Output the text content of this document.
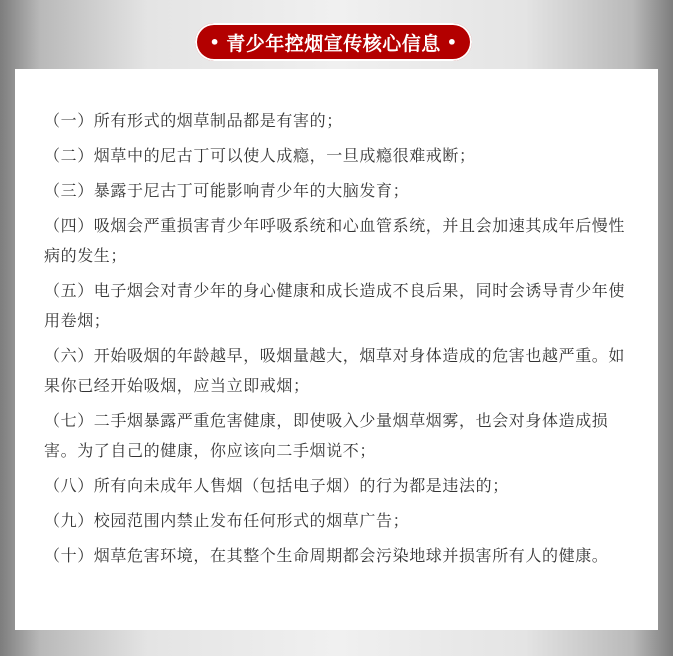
• 青少年控烟宣传核心信息 •

（一）所有形式的烟草制品都是有害的；

（二）烟草中的尼古丁可以使人成瘾，一旦成瘾很难戒断；

（三）暴露于尼古丁可能影响青少年的大脑发育；

（四）吸烟会严重损害青少年呼吸系统和心血管系统，并且会加速其成年后慢性病的发生；

（五）电子烟会对青少年的身心健康和成长造成不良后果，同时会诱导青少年使用卷烟；

（六）开始吸烟的年龄越早，吸烟量越大，烟草对身体造成的危害也越严重。如果你已经开始吸烟，应当立即戒烟；

（七）二手烟暴露严重危害健康，即使吸入少量烟草烟雾，也会对身体造成损害。为了自己的健康，你应该向二手烟说不；

（八）所有向未成年人售烟（包括电子烟）的行为都是违法的；

（九）校园范围内禁止发布任何形式的烟草广告；

（十）烟草危害环境，在其整个生命周期都会污染地球并损害所有人的健康。
